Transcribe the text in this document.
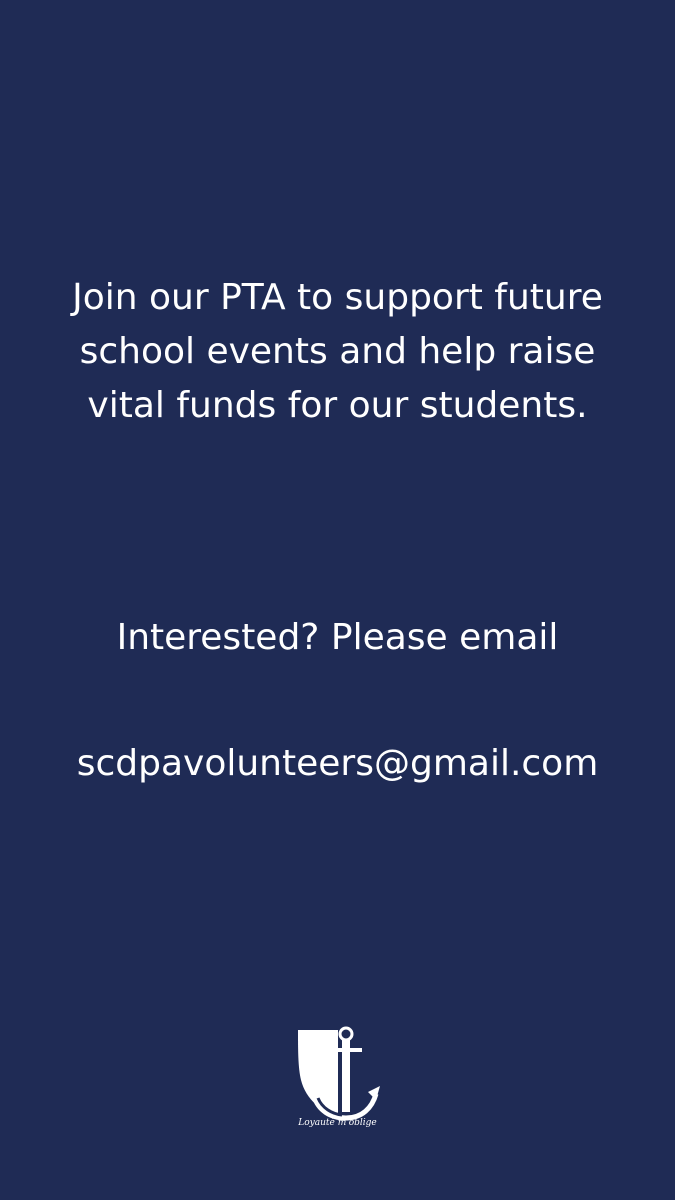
Join our PTA to support future school events and help raise vital funds for our students.

Interested? Please email

scdpavolunteers@gmail.com

Loyauté m'oblige
